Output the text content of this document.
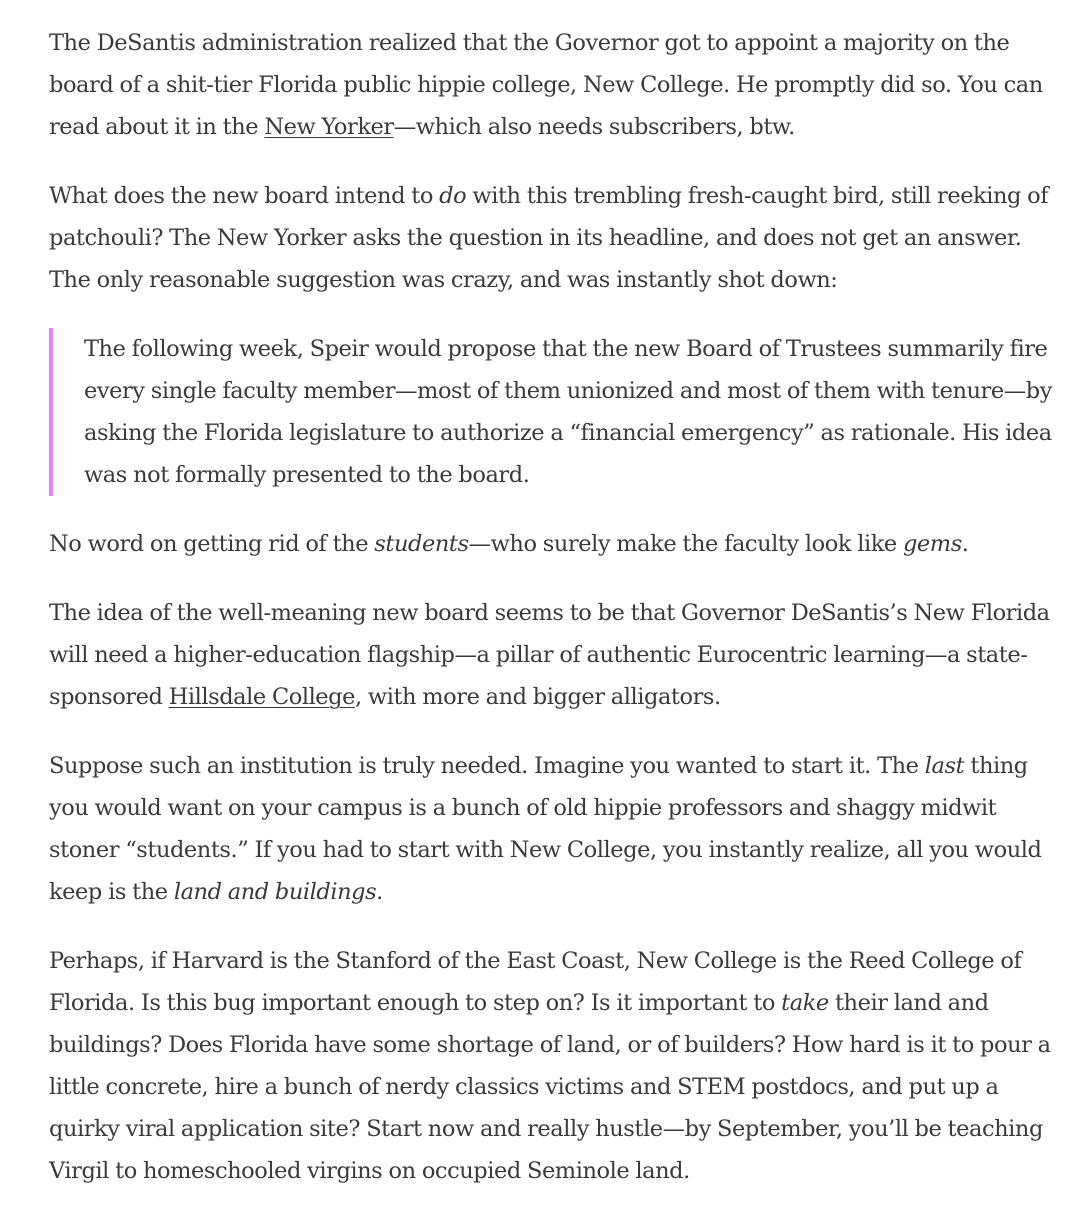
The DeSantis administration realized that the Governor got to appoint a majority on the board of a shit-tier Florida public hippie college, New College. He promptly did so. You can read about it in the New Yorker—which also needs subscribers, btw.

What does the new board intend to do with this trembling fresh-caught bird, still reeking of patchouli? The New Yorker asks the question in its headline, and does not get an answer. The only reasonable suggestion was crazy, and was instantly shot down:

The following week, Speir would propose that the new Board of Trustees summarily fire every single faculty member—most of them unionized and most of them with tenure—by asking the Florida legislature to authorize a “financial emergency” as rationale. His idea was not formally presented to the board.

No word on getting rid of the students—who surely make the faculty look like gems.

The idea of the well-meaning new board seems to be that Governor DeSantis’s New Florida will need a higher-education flagship—a pillar of authentic Eurocentric learning—a state-sponsored Hillsdale College, with more and bigger alligators.

Suppose such an institution is truly needed. Imagine you wanted to start it. The last thing you would want on your campus is a bunch of old hippie professors and shaggy midwit stoner “students.” If you had to start with New College, you instantly realize, all you would keep is the land and buildings.

Perhaps, if Harvard is the Stanford of the East Coast, New College is the Reed College of Florida. Is this bug important enough to step on? Is it important to take their land and buildings? Does Florida have some shortage of land, or of builders? How hard is it to pour a little concrete, hire a bunch of nerdy classics victims and STEM postdocs, and put up a quirky viral application site? Start now and really hustle—by September, you’ll be teaching Virgil to homeschooled virgins on occupied Seminole land.
